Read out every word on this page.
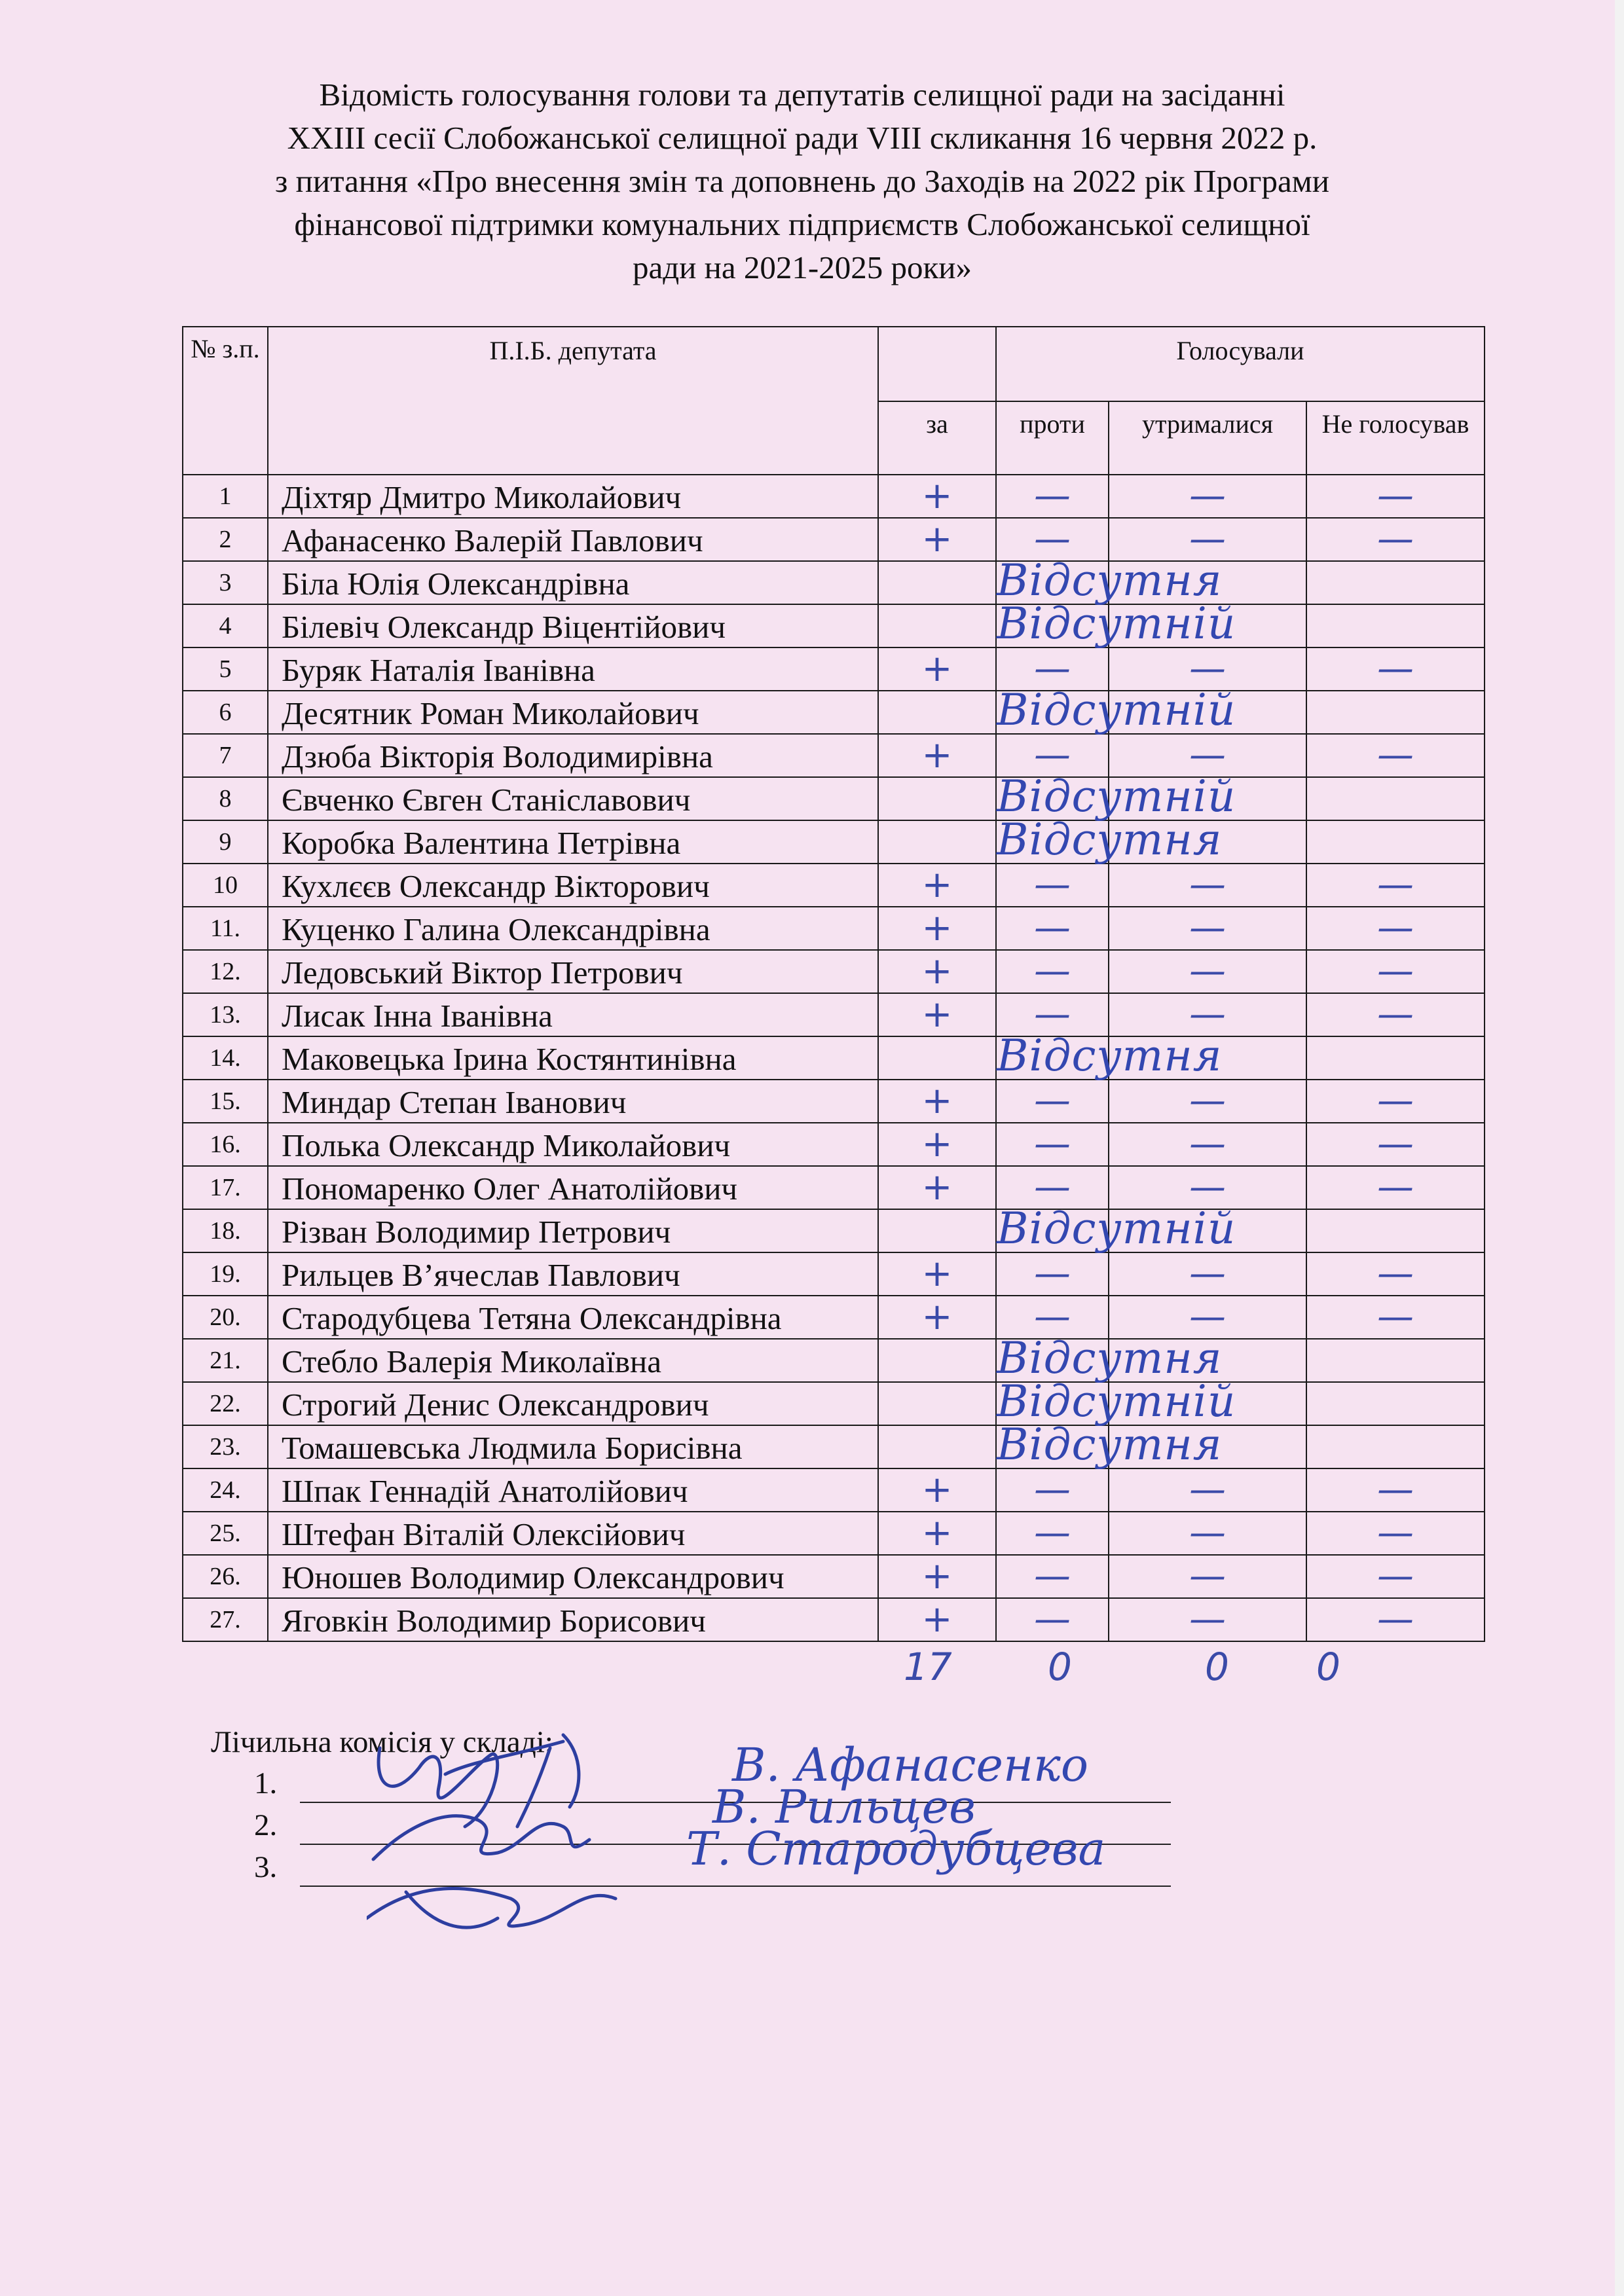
Відомість голосування голови та депутатів селищної ради на засіданні
XXIII сесії Слобожанської селищної ради VIII скликання 16 червня 2022 р.
з питання «Про внесення змін та доповнень до Заходів на 2022 рік Програми
фінансової підтримки комунальних підприємств Слобожанської селищної
ради на 2021-2025 роки»
№ з.п.	П.І.Б. депутата		Голосували		
		за	проти	утрималися	Не голосував
1	Діхтяр Дмитро Миколайович	+	—	—	—

2	Афанасенко Валерій Павлович	+	—	—	—

3	Біла Юлія Олександрівна		Відсутня		

4	Білевіч Олександр Віцентійович		Відсутній		

5	Буряк Наталія Іванівна	+	—	—	—

6	Десятник Роман Миколайович		Відсутній		

7	Дзюба Вікторія Володимирівна	+	—	—	—

8	Євченко Євген Станіславович		Відсутній		

9	Коробка Валентина Петрівна		Відсутня		

10	Кухлєєв Олександр Вікторович	+	—	—	—

11.	Куценко Галина Олександрівна	+	—	—	—

12.	Ледовський Віктор Петрович	+	—	—	—

13.	Лисак Інна Іванівна	+	—	—	—

14.	Маковецька Ірина Костянтинівна		Відсутня		

15.	Миндар Степан Іванович	+	—	—	—

16.	Полька Олександр Миколайович	+	—	—	—

17.	Пономаренко Олег Анатолійович	+	—	—	—

18.	Різван Володимир Петрович		Відсутній		

19.	Рильцев В’ячеслав Павлович	+	—	—	—

20.	Стародубцева Тетяна Олександрівна	+	—	—	—

21.	Стебло Валерія Миколаївна		Відсутня		

22.	Строгий Денис Олександрович		Відсутній		

23.	Томашевська Людмила Борисівна		Відсутня		

24.	Шпак Геннадій Анатолійович	+	—	—	—

25.	Штефан Віталій Олексійович	+	—	—	—

26.	Юношев Володимир Олександрович	+	—	—	—

27.	Яговкін Володимир Борисович	+	—	—	—
17	0	0 0
Лічильна комісія у складі:
1.	В. Афанасенко
2.	В. Рильцев
3.	Т. Стародубцева
